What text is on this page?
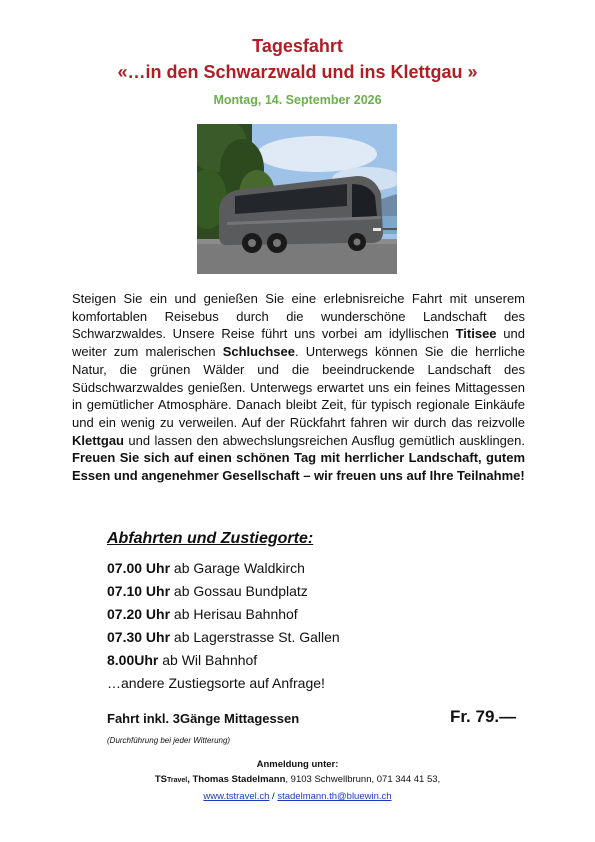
Tagesfahrt
«…in den Schwarzwald und ins Klettgau »
Montag, 14. September 2026
Steigen Sie ein und genießen Sie eine erlebnisreiche Fahrt mit unserem komfortablen Reisebus durch die wunderschöne Landschaft des Schwarzwaldes. Unsere Reise führt uns vorbei am idyllischen Titisee und weiter zum malerischen Schluchsee. Unterwegs können Sie die herrliche Natur, die grünen Wälder und die beeindruckende Landschaft des Südschwarzwaldes genießen. Unterwegs erwartet uns ein feines Mittagessen in gemütlicher Atmosphäre. Danach bleibt Zeit, für typisch regionale Einkäufe und ein wenig zu verweilen. Auf der Rückfahrt fahren wir durch das reizvolle Klettgau und lassen den abwechslungsreichen Ausflug gemütlich ausklingen. Freuen Sie sich auf einen schönen Tag mit herrlicher Landschaft, gutem Essen und angenehmer Gesellschaft – wir freuen uns auf Ihre Teilnahme!
Abfahrten und Zustiegorte:
07.00 Uhr ab Garage Waldkirch
07.10 Uhr ab Gossau Bundplatz
07.20 Uhr ab Herisau Bahnhof
07.30 Uhr ab Lagerstrasse St. Gallen
8.00Uhr ab Wil Bahnhof
…andere Zustiegsorte auf Anfrage!
Fahrt inkl. 3Gänge Mittagessen	Fr. 79.—
(Durchführung bei jeder Witterung)
Anmeldung unter:
TSTravel, Thomas Stadelmann, 9103 Schwellbrunn, 071 344 41 53,
www.tstravel.ch / stadelmann.th@bluewin.ch
